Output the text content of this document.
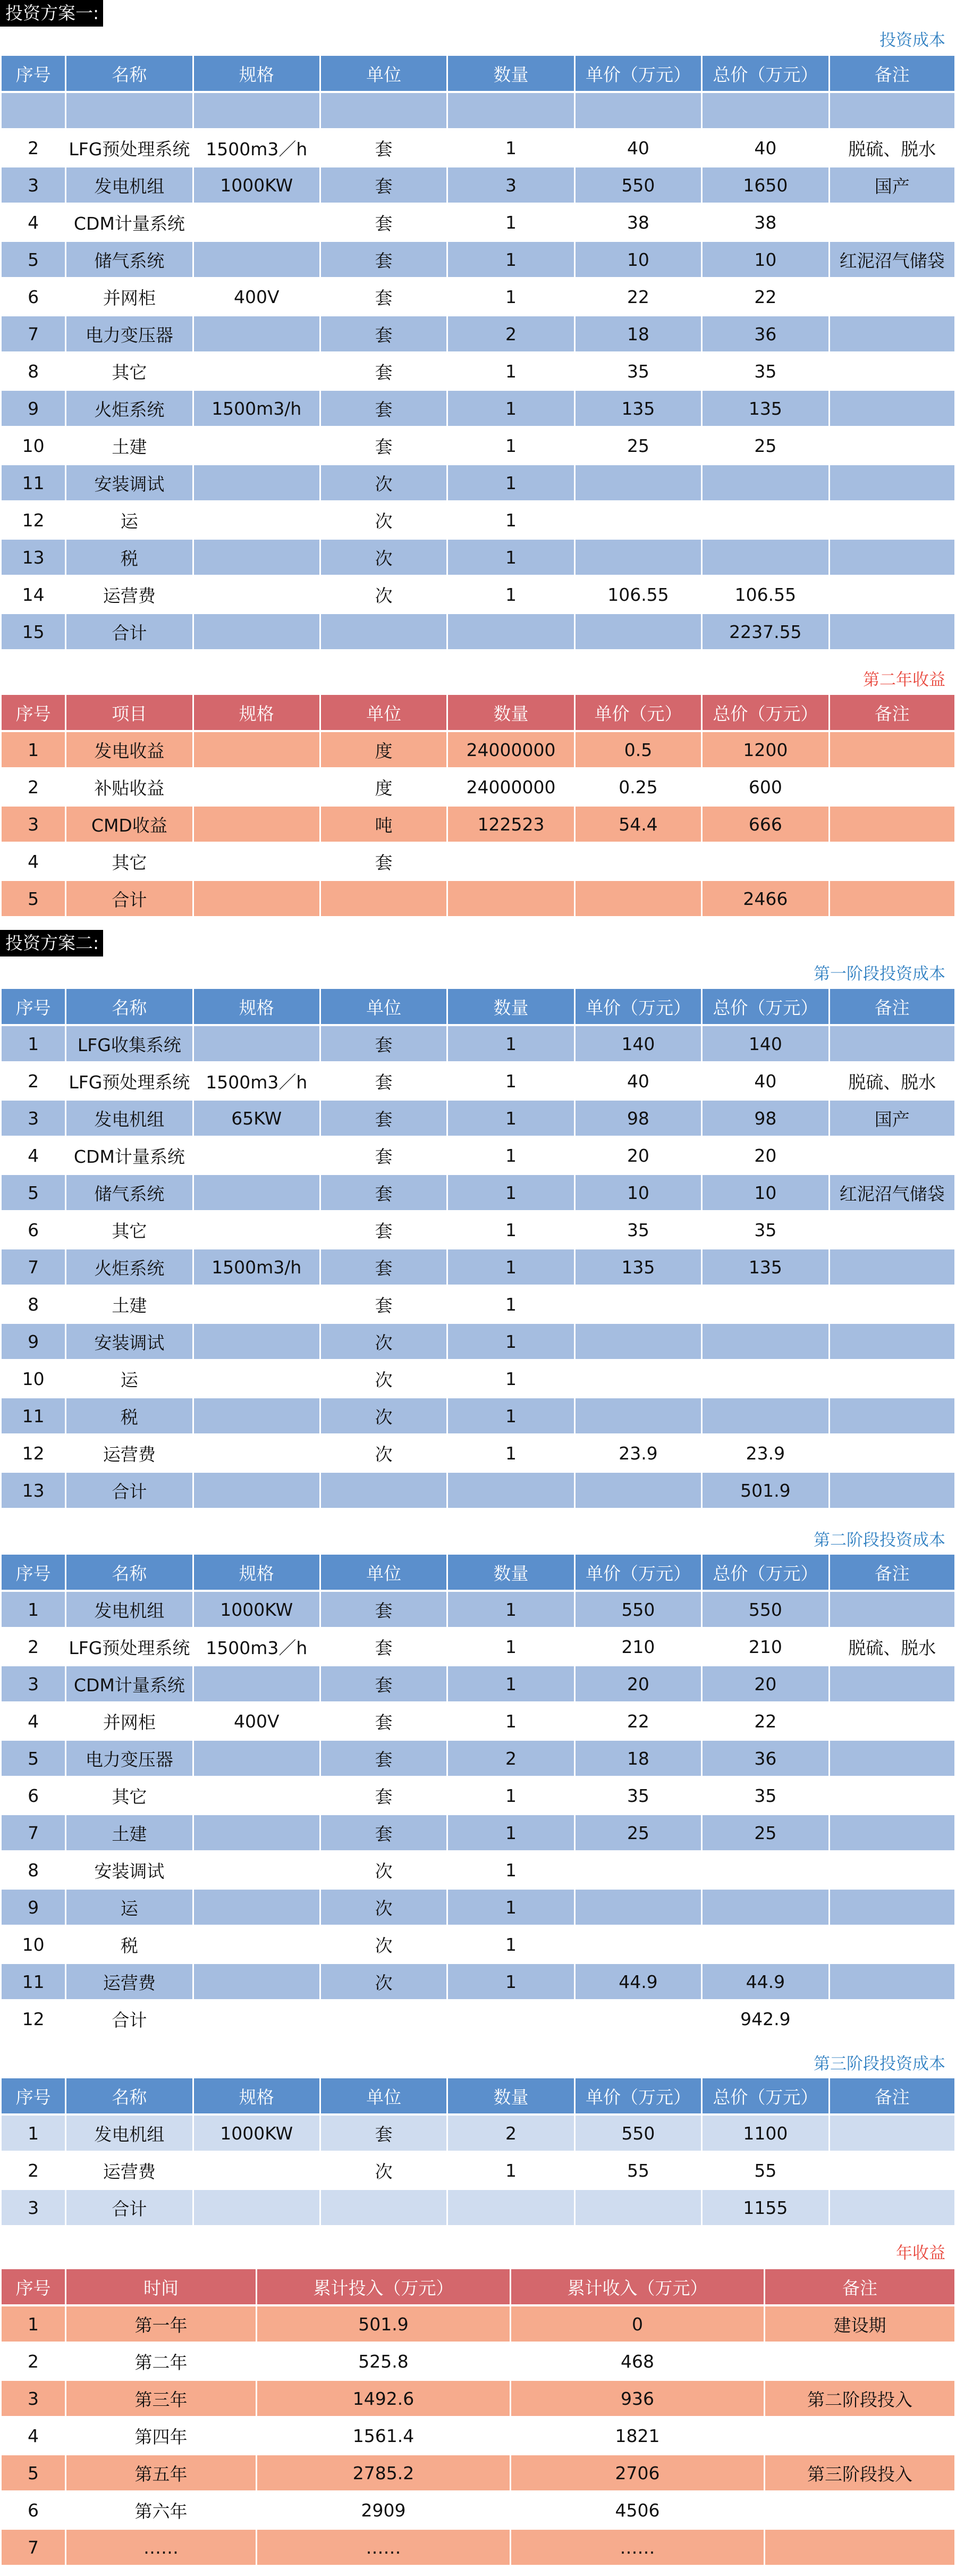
投资方案一:
投资成本
序号	名称	规格	单位	数量	单价（万元）	总价（万元）	备注

2	LFG预处理系统	1500m3／h	套	1	40	40	脱硫、脱水
3	发电机组	1000KW	套	3	550	1650	国产
4	CDM计量系统		套	1	38	38	
5	储气系统		套	1	10	10	红泥沼气储袋
6	并网柜	400V	套	1	22	22	
7	电力变压器		套	2	18	36	
8	其它		套	1	35	35	
9	火炬系统	1500m3/h	套	1	135	135	
10	土建		套	1	25	25	
11	安装调试		次	1			
12	运		次	1			
13	税		次	1			
14	运营费		次	1	106.55	106.55	
15	合计					2237.55	
第二年收益
序号	项目	规格	单位	数量	单价（元）	总价（万元）	备注
1	发电收益		度	24000000	0.5	1200	
2	补贴收益		度	24000000	0.25	600	
3	CMD收益		吨	122523	54.4	666	
4	其它		套				
5	合计					2466	
投资方案二:
第一阶段投资成本
序号	名称	规格	单位	数量	单价（万元）	总价（万元）	备注
1	LFG收集系统		套	1	140	140	
2	LFG预处理系统	1500m3／h	套	1	40	40	脱硫、脱水
3	发电机组	65KW	套	1	98	98	国产
4	CDM计量系统		套	1	20	20	
5	储气系统		套	1	10	10	红泥沼气储袋
6	其它		套	1	35	35	
7	火炬系统	1500m3/h	套	1	135	135	
8	土建		套	1			
9	安装调试		次	1			
10	运		次	1			
11	税		次	1			
12	运营费		次	1	23.9	23.9	
13	合计					501.9	
第二阶段投资成本
序号	名称	规格	单位	数量	单价（万元）	总价（万元）	备注
1	发电机组	1000KW	套	1	550	550	
2	LFG预处理系统	1500m3／h	套	1	210	210	脱硫、脱水
3	CDM计量系统		套	1	20	20	
4	并网柜	400V	套	1	22	22	
5	电力变压器		套	2	18	36	
6	其它		套	1	35	35	
7	土建		套	1	25	25	
8	安装调试		次	1			
9	运		次	1			
10	税		次	1			
11	运营费		次	1	44.9	44.9	
12	合计					942.9	
第三阶段投资成本
序号	名称	规格	单位	数量	单价（万元）	总价（万元）	备注
1	发电机组	1000KW	套	2	550	1100	
2	运营费		次	1	55	55	
3	合计					1155	
年收益
序号	时间	累计投入（万元）	累计收入（万元）	备注
1	第一年	501.9	0	建设期
2	第二年	525.8	468	
3	第三年	1492.6	936	第二阶段投入
4	第四年	1561.4	1821	
5	第五年	2785.2	2706	第三阶段投入
6	第六年	2909	4506	
7	……	……	……	
